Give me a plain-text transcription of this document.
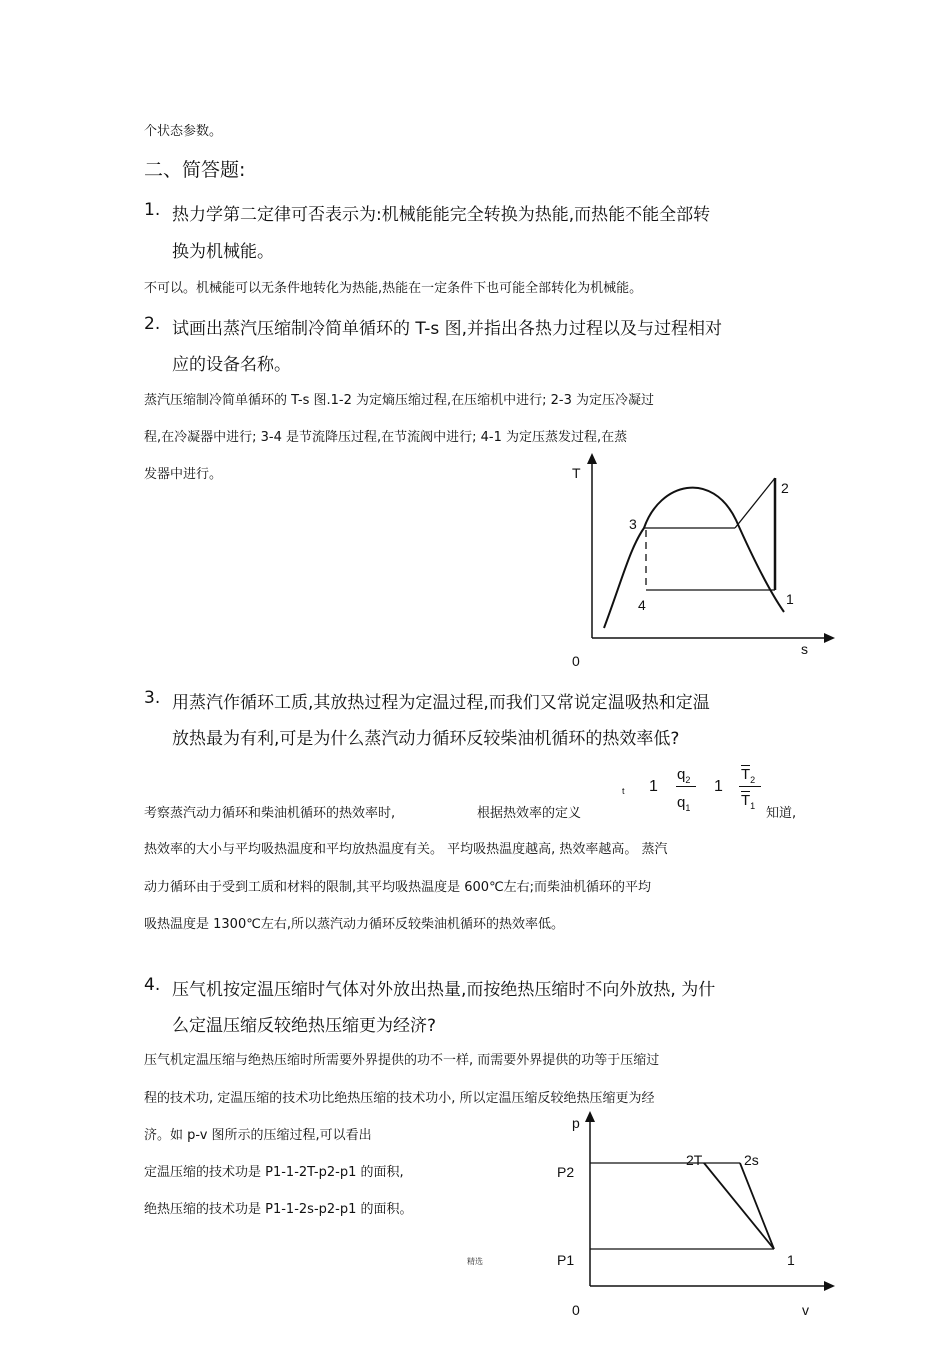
个状态参数。
二、简答题:
1. 热力学第二定律可否表示为:机械能能完全转换为热能,而热能不能全部转
换为机械能。
不可以。机械能可以无条件地转化为热能,热能在一定条件下也可能全部转化为机械能。
2. 试画出蒸汽压缩制冷简单循环的 T-s 图,并指出各热力过程以及与过程相对
应的设备名称。
蒸汽压缩制冷简单循环的 T-s 图.1-2 为定熵压缩过程,在压缩机中进行; 2-3 为定压冷凝过
程,在冷凝器中进行; 3-4 是节流降压过程,在节流阀中进行; 4-1 为定压蒸发过程,在蒸
发器中进行。	T
s
0
1
2
3
4
3. 用蒸汽作循环工质,其放热过程为定温过程,而我们又常说定温吸热和定温
放热最为有利,可是为什么蒸汽动力循环反较柴油机循环的热效率低?
考察蒸汽动力循环和柴油机循环的热效率时,	根据热效率的定义
t 1
$q_2$
$q_1$
1
$T_2$
$T_1$ 知道,
热效率的大小与平均吸热温度和平均放热温度有关。 平均吸热温度越高, 热效率越高。 蒸汽
动力循环由于受到工质和材料的限制,其平均吸热温度是 600℃左右;而柴油机循环的平均
吸热温度是 1300℃左右,所以蒸汽动力循环反较柴油机循环的热效率低。
4. 压气机按定温压缩时气体对外放出热量,而按绝热压缩时不向外放热, 为什
么定温压缩反较绝热压缩更为经济?
压气机定温压缩与绝热压缩时所需要外界提供的功不一样, 而需要外界提供的功等于压缩过
程的技术功, 定温压缩的技术功比绝热压缩的技术功小, 所以定温压缩反较绝热压缩更为经
济。如 p-v 图所示的压缩过程,可以看出
定温压缩的技术功是 P1-1-2T-p2-p1 的面积,
绝热压缩的技术功是 P1-1-2s-p2-p1 的面积。
p
v
0
P2
P1
2T	2s
1
精选
